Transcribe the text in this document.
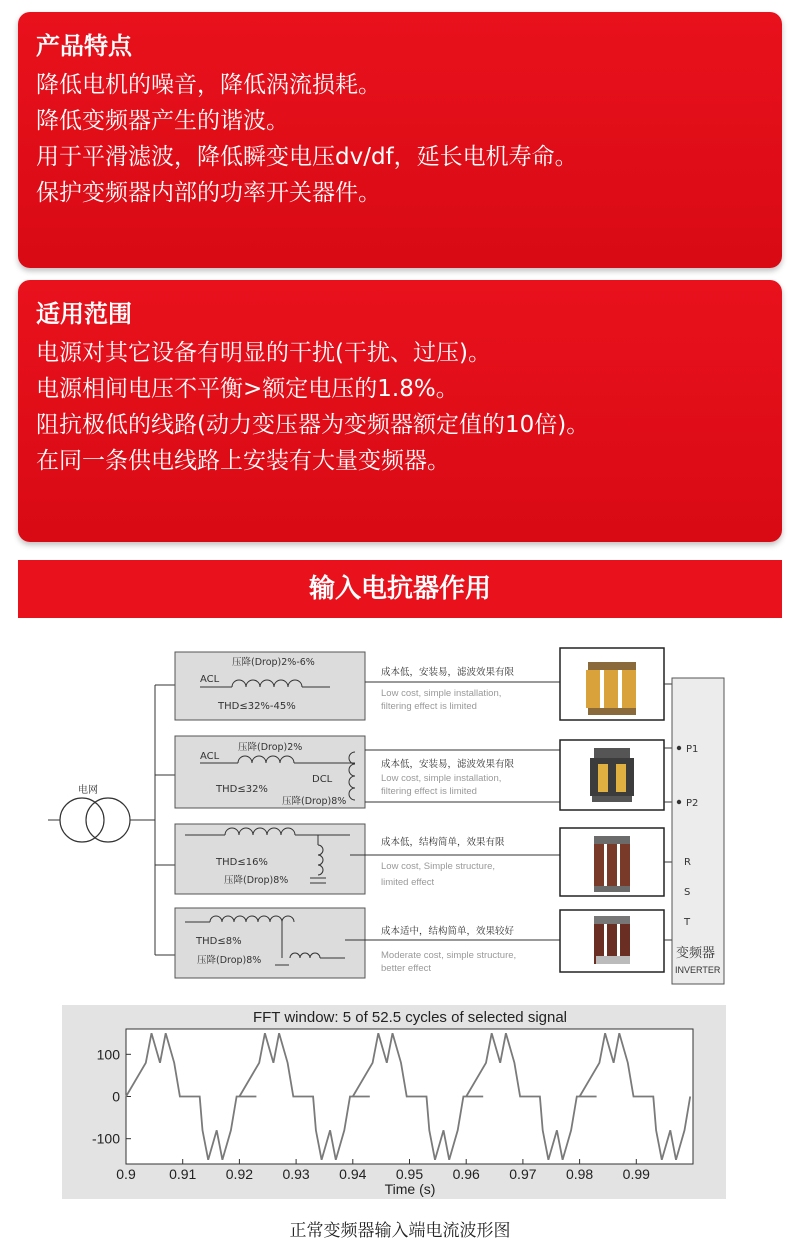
产品特点

降低电机的噪音，降低涡流损耗。

降低变频器产生的谐波。

用于平滑滤波，降低瞬变电压dv/df，延长电机寿命。

保护变频器内部的功率开关器件。

适用范围

电源对其它设备有明显的干扰(干扰、过压)。

电源相间电压不平衡>额定电压的1.8%。

阻抗极低的线路(动力变压器为变频器额定值的10倍)。

在同一条供电线路上安装有大量变频器。

输入电抗器作用
电网
压降(Drop)2%-6%
ACL
THD≤32%-45%
成本低，安装易，滤波效果有限
Low cost, simple installation,
filtering effect is limited
压降(Drop)2%
ACL
DCL
THD≤32%
压降(Drop)8%
成本低，安装易，滤波效果有限
Low cost, simple installation,
filtering effect is limited
THD≤16%
压降(Drop)8%
成本低，结构简单，效果有限
Low cost, Simple structure,
limited effect
THD≤8%
压降(Drop)8%
成本适中，结构简单，效果较好
Moderate cost, simple structure,
better effect
P1
P2
R
S
T
变频器
INVERTER
FFT window: 5 of 52.5 cycles of selected signal
100
0
-100
0.9 0.91 0.92 0.93 0.94 0.95 0.96 0.97 0.98 0.99
Time (s)
正常变频器输入端电流波形图
